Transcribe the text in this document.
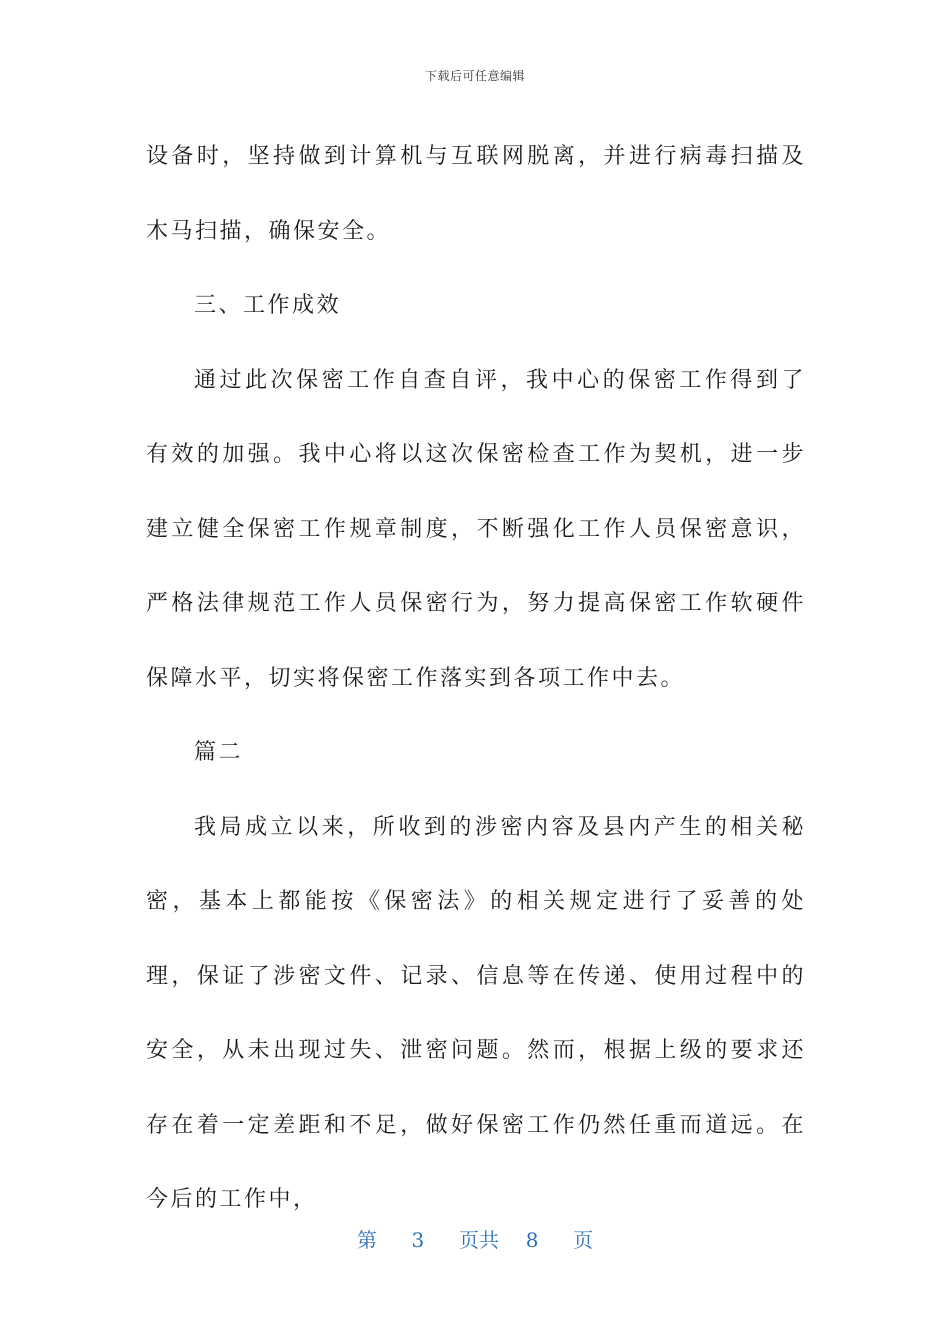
下载后可任意编辑

设备时，坚持做到计算机与互联网脱离，并进行病毒扫描及木马扫描，确保安全。

三、工作成效

通过此次保密工作自查自评，我中心的保密工作得到了有效的加强。我中心将以这次保密检查工作为契机，进一步建立健全保密工作规章制度，不断强化工作人员保密意识，严格法律规范工作人员保密行为，努力提高保密工作软硬件保障水平，切实将保密工作落实到各项工作中去。

篇二

我局成立以来，所收到的涉密内容及县内产生的相关秘密，基本上都能按《保密法》的相关规定进行了妥善的处理，保证了涉密文件、记录、信息等在传递、使用过程中的安全，从未出现过失、泄密问题。然而，根据上级的要求还存在着一定差距和不足，做好保密工作仍然任重而道远。在今后的工作中，

第 3 页共 8 页
